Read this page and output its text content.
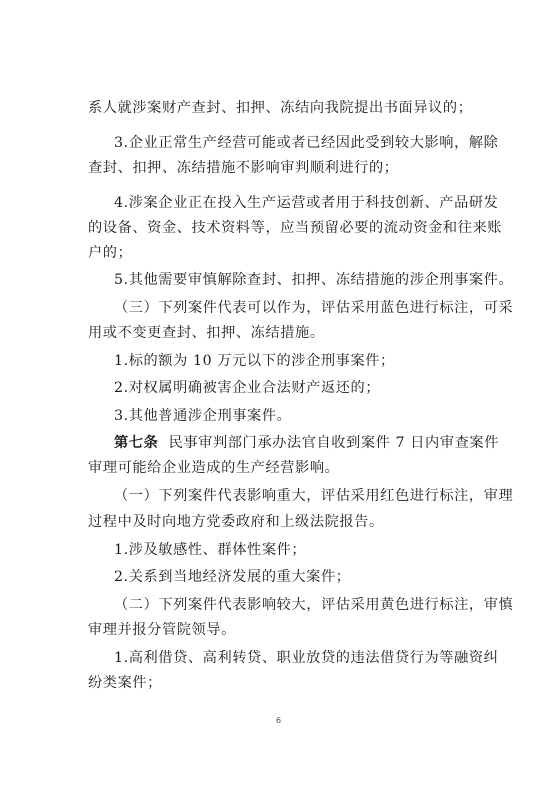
系人就涉案财产查封、扣押、冻结向我院提出书面异议的；
3.企业正常生产经营可能或者已经因此受到较大影响，解除
查封、扣押、冻结措施不影响审判顺利进行的；
4.涉案企业正在投入生产运营或者用于科技创新、产品研发
的设备、资金、技术资料等，应当预留必要的流动资金和往来账
户的；
5.其他需要审慎解除查封、扣押、冻结措施的涉企刑事案件。
（三）下列案件代表可以作为，评估采用蓝色进行标注，可采
用或不变更查封、扣押、冻结措施。
1.标的额为 10 万元以下的涉企刑事案件；
2.对权属明确被害企业合法财产返还的；
3.其他普通涉企刑事案件。
第七条 民事审判部门承办法官自收到案件 7 日内审查案件
审理可能给企业造成的生产经营影响。
（一）下列案件代表影响重大，评估采用红色进行标注，审理
过程中及时向地方党委政府和上级法院报告。
1.涉及敏感性、群体性案件；
2.关系到当地经济发展的重大案件；
（二）下列案件代表影响较大，评估采用黄色进行标注，审慎
审理并报分管院领导。
1.高利借贷、高利转贷、职业放贷的违法借贷行为等融资纠
纷类案件；
6
